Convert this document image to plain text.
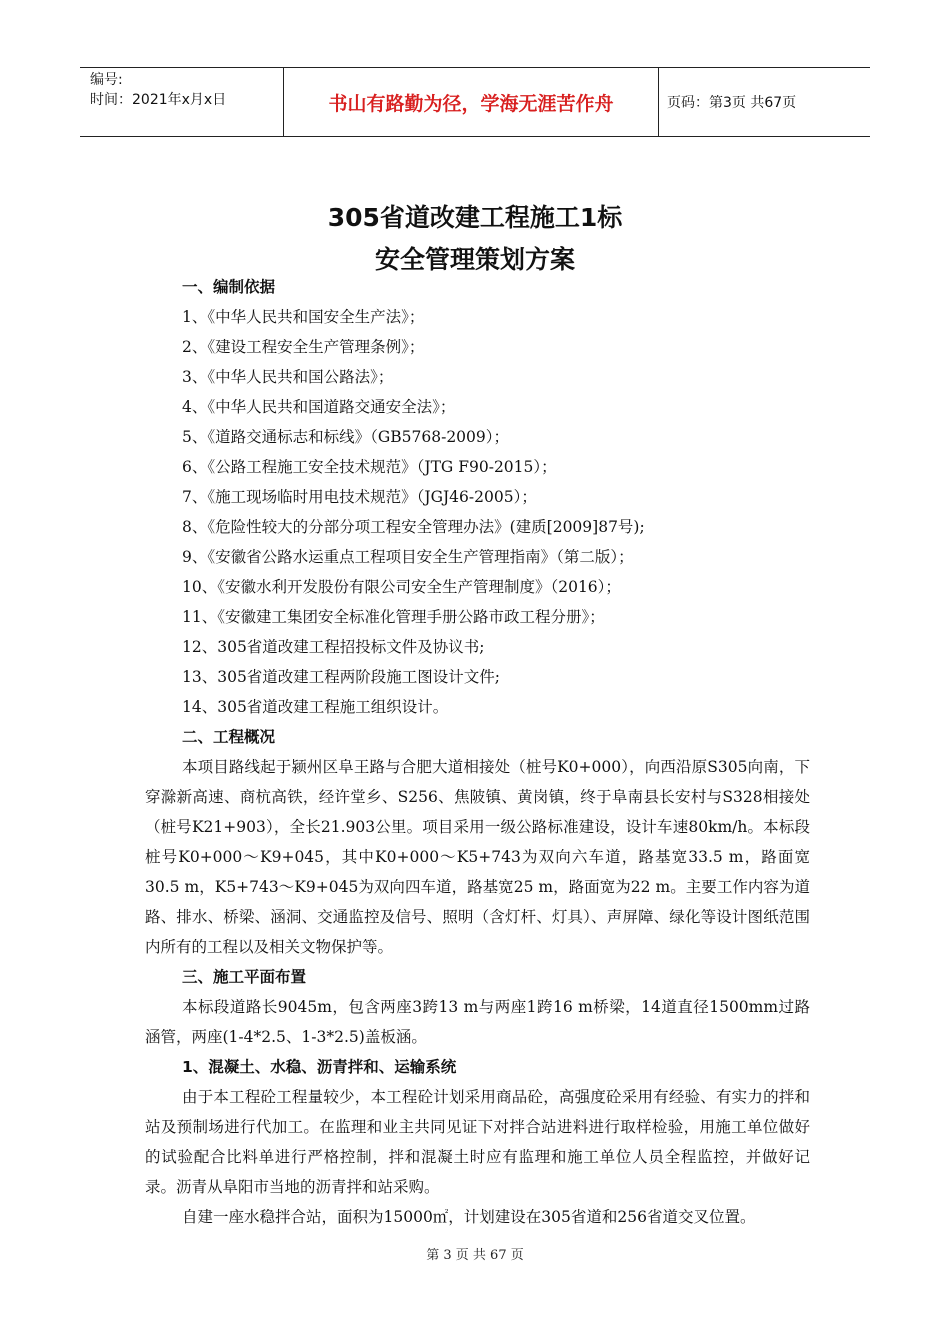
编号:
时间：2021年x月x日	书山有路勤为径，学海无涯苦作舟	页码：第3页 共67页
305省道改建工程施工1标
安全管理策划方案
一、编制依据
1、《中华人民共和国安全生产法》；
2、《建设工程安全生产管理条例》；
3、《中华人民共和国公路法》；
4、《中华人民共和国道路交通安全法》；
5、《道路交通标志和标线》（GB5768-2009）；
6、《公路工程施工安全技术规范》（JTG F90-2015）；
7、《施工现场临时用电技术规范》（JGJ46-2005）；
8、《危险性较大的分部分项工程安全管理办法》(建质[2009]87号);
9、《安徽省公路水运重点工程项目安全生产管理指南》（第二版）；
10、《安徽水利开发股份有限公司安全生产管理制度》（2016）；
11、《安徽建工集团安全标准化管理手册公路市政工程分册》；
12、305省道改建工程招投标文件及协议书;
13、305省道改建工程两阶段施工图设计文件;
14、305省道改建工程施工组织设计。
二、工程概况
本项目路线起于颍州区阜王路与合肥大道相接处（桩号K0+000），向西沿原S305向南，下穿滁新高速、商杭高铁，经许堂乡、S256、焦陂镇、黄岗镇，终于阜南县长安村与S328相接处（桩号K21+903），全长21.903公里。项目采用一级公路标准建设，设计车速80km/h。本标段桩号K0+000～K9+045，其中K0+000～K5+743为双向六车道，路基宽33.5 m，路面宽30.5 m，K5+743～K9+045为双向四车道，路基宽25 m，路面宽为22 m。主要工作内容为道路、排水、桥梁、涵洞、交通监控及信号、照明（含灯杆、灯具）、声屏障、绿化等设计图纸范围内所有的工程以及相关文物保护等。
三、施工平面布置
本标段道路长9045m，包含两座3跨13 m与两座1跨16 m桥梁，14道直径1500mm过路涵管，两座(1-4*2.5、1-3*2.5)盖板涵。
1、混凝土、水稳、沥青拌和、运输系统
由于本工程砼工程量较少，本工程砼计划采用商品砼，高强度砼采用有经验、有实力的拌和站及预制场进行代加工。在监理和业主共同见证下对拌合站进料进行取样检验，用施工单位做好的试验配合比料单进行严格控制，拌和混凝土时应有监理和施工单位人员全程监控，并做好记录。沥青从阜阳市当地的沥青拌和站采购。
自建一座水稳拌合站，面积为15000㎡，计划建设在305省道和256省道交叉位置。
第 3 页 共 67 页
